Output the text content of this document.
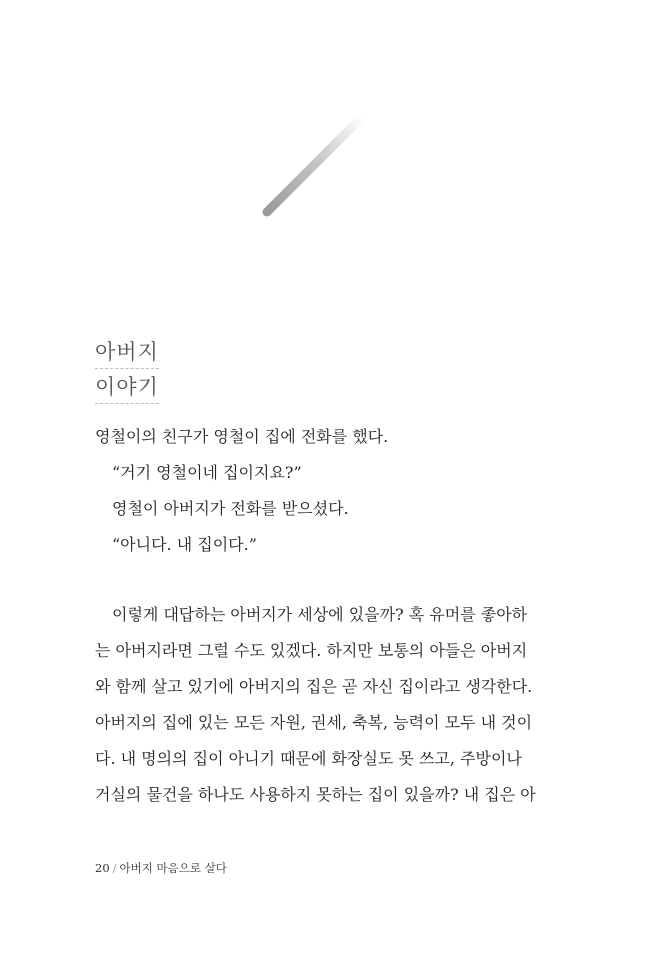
아버지
이야기
영철이의 친구가 영철이 집에 전화를 했다.
“거기 영철이네 집이지요?”
영철이 아버지가 전화를 받으셨다.
“아니다. 내 집이다.”
이렇게 대답하는 아버지가 세상에 있을까? 혹 유머를 좋아하
는 아버지라면 그럴 수도 있겠다. 하지만 보통의 아들은 아버지
와 함께 살고 있기에 아버지의 집은 곧 자신 집이라고 생각한다.
아버지의 집에 있는 모든 자원, 권세, 축복, 능력이 모두 내 것이
다. 내 명의의 집이 아니기 때문에 화장실도 못 쓰고, 주방이나
거실의 물건을 하나도 사용하지 못하는 집이 있을까? 내 집은 아
20 / 아버지 마음으로 살다
